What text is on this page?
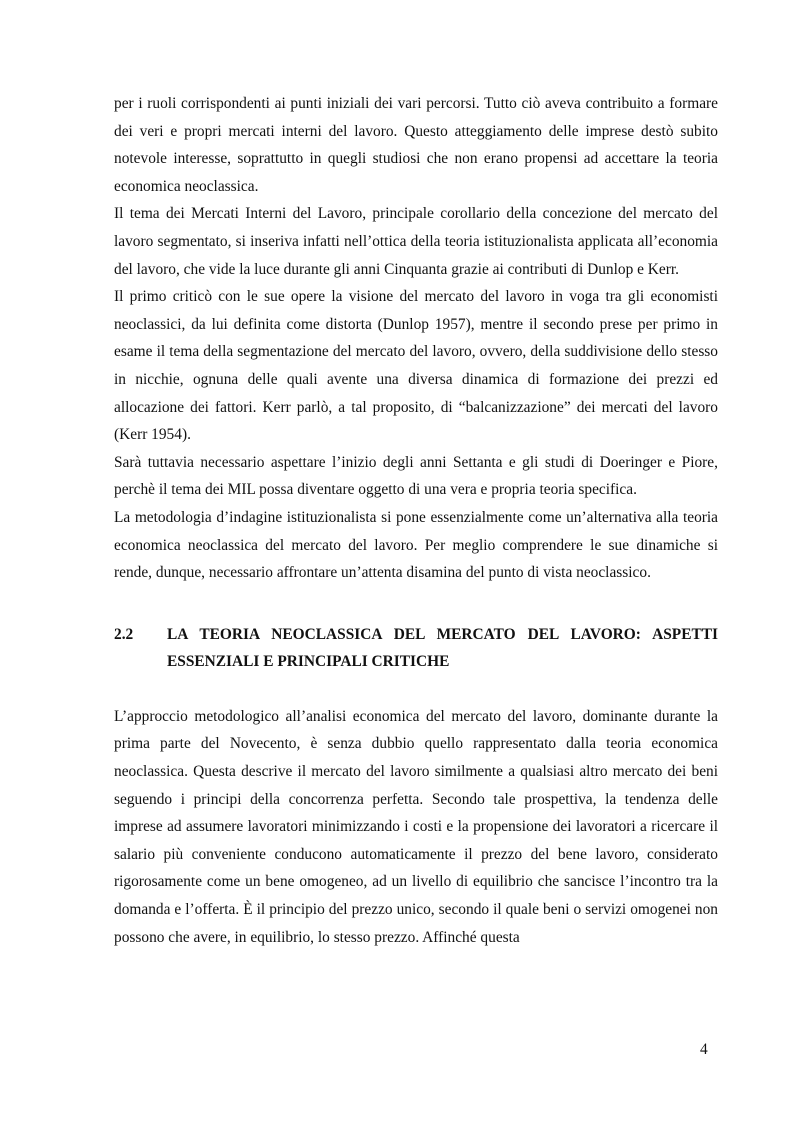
per i ruoli corrispondenti ai punti iniziali dei vari percorsi. Tutto ciò aveva contribuito a formare dei veri e propri mercati interni del lavoro. Questo atteggiamento delle imprese destò subito notevole interesse, soprattutto in quegli studiosi che non erano propensi ad accettare la teoria economica neoclassica.

Il tema dei Mercati Interni del Lavoro, principale corollario della concezione del mercato del lavoro segmentato, si inseriva infatti nell’ottica della teoria istituzionalista applicata all’economia del lavoro, che vide la luce durante gli anni Cinquanta grazie ai contributi di Dunlop e Kerr.

Il primo criticò con le sue opere la visione del mercato del lavoro in voga tra gli economisti neoclassici, da lui definita come distorta (Dunlop 1957), mentre il secondo prese per primo in esame il tema della segmentazione del mercato del lavoro, ovvero, della suddivisione dello stesso in nicchie, ognuna delle quali avente una diversa dinamica di formazione dei prezzi ed allocazione dei fattori. Kerr parlò, a tal proposito, di “balcanizzazione” dei mercati del lavoro (Kerr 1954).

Sarà tuttavia necessario aspettare l’inizio degli anni Settanta e gli studi di Doeringer e Piore, perchè il tema dei MIL possa diventare oggetto di una vera e propria teoria specifica.

La metodologia d’indagine istituzionalista si pone essenzialmente come un’alternativa alla teoria economica neoclassica del mercato del lavoro. Per meglio comprendere le sue dinamiche si rende, dunque, necessario affrontare un’attenta disamina del punto di vista neoclassico.

2.2	LA TEORIA NEOCLASSICA DEL MERCATO DEL LAVORO: ASPETTI ESSENZIALI E PRINCIPALI CRITICHE

L’approccio metodologico all’analisi economica del mercato del lavoro, dominante durante la prima parte del Novecento, è senza dubbio quello rappresentato dalla teoria economica neoclassica. Questa descrive il mercato del lavoro similmente a qualsiasi altro mercato dei beni seguendo i principi della concorrenza perfetta. Secondo tale prospettiva, la tendenza delle imprese ad assumere lavoratori minimizzando i costi e la propensione dei lavoratori a ricercare il salario più conveniente conducono automaticamente il prezzo del bene lavoro, considerato rigorosamente come un bene omogeneo, ad un livello di equilibrio che sancisce l’incontro tra la domanda e l’offerta. È il principio del prezzo unico, secondo il quale beni o servizi omogenei non possono che avere, in equilibrio, lo stesso prezzo. Affinché questa

4
